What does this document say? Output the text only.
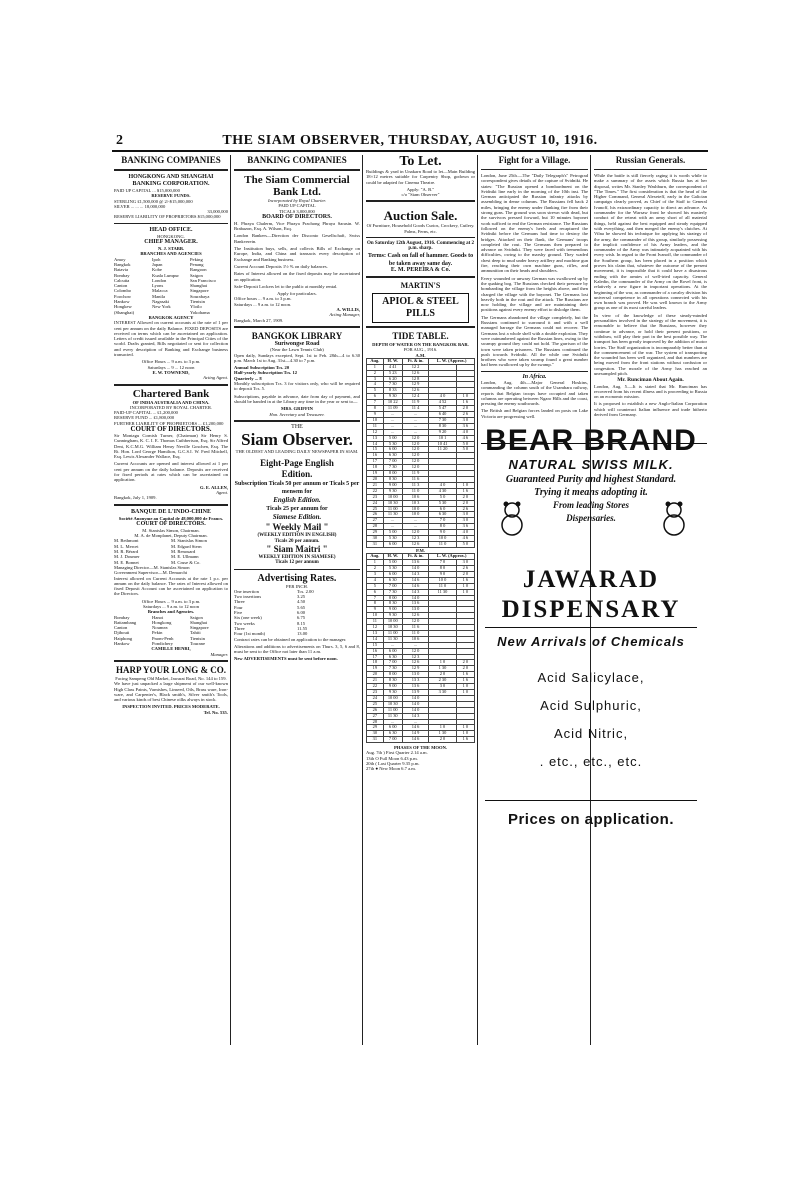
2	THE SIAM OBSERVER, THURSDAY, AUGUST 10, 1916.
BANKING COMPANIES
HONGKONG AND SHANGHAI BANKING CORPORATION.
PAID UP CAPITAL ... $15,000,000
RESERVE FUNDS.
STERLING £1,500,000 @ 2/-$15,000,000
SILVER ... ... ... 18,000,000
33,000,000
RESERVE LIABILITY OF PROPRIETORS $15,000,000
HEAD OFFICE.
HONGKONG.
CHIEF MANAGER.
N. J. STABB.
BRANCHES AND AGENCIES
Amoy	Ipoh	Peking
Bangkok	Japan	Penang
Batavia	Kobe	Rangoon
Bombay	Kuala Lumpur	Saigon
Calcutta	London	San Francisco
Canton	Lyons	Shanghai
Colombo	Malacca	Singapore
Foochow	Manila	Sourabaya
Hankow	Nagasaki	Tientsin
Hongkew	New York	Yloilo
(Shanghai)	Yokohama
BANGKOK AGENCY

INTEREST Allowed on current accounts at the rate of 1 per cent per annum on the daily Balance. FIXED DEPOSITS are received on terms which can be ascertained on application. Letters of credit issued available in the Principal Cities of the world. Drafts granted, Bills negotiated or sent for collection and every description of Banking and Exchange business transacted.

Office Hours ... 9 a.m. to 3 p.m.
Saturdays ... 9 ... 12 noon
E. W. TOWNEND,
Acting Agent.
Chartered Bank
OF INDIA AUSTRALIA AND CHINA.
INCORPORATED BY ROYAL CHARTER.
PAID-UP CAPITAL ... £1,200,000
RESERVE FUND ... £1,800,000
FURTHER LIABILITY OF PROPRIETORS ... £1,200,000
COURT OF DIRECTORS.

Sir Montagu Cornish Turner, (Chairman) Sir Henry S. Cunningham, K. C. I. E. Thomas Cuthbertson, Esq. Sir Alfred Dent, K.C.M.G. William Henry Neville Goschen, Esq. The Rt. Hon. Lord George Hamilton, G.C.S.I. W. Fred Mitchell, Esq. Lewis Alexander Wallace, Esq.

Current Accounts are opened and interest allowed at 1 per cent per annum on the daily balance. Deposits are received for fixed periods at rates which can be ascertained on application.

G. E. ALLEN,
Agent.
Bangkok, July 1, 1909.
BANQUE DE L'INDO-CHINE
Société Anonyme au Capital de 48,000,000 de Francs.
COURT OF DIRECTORS.
M. Stanislas Simon, Chairman.
M. A. de Monplanet, Deputy Chairman.
M. Bethmont	M. Stanislas Simon
M. L. Mercet	M. Edgard Stern
M. R. Bérard	M. Renouard
M. J. Doumer	M. E. Ullmann
M. E. Bonnet	M. Cruse & Co.
Managing Director—M. Stanislas Simon
Government Supervisor—M. Demarchi

Interest allowed on Current Accounts at the rate 1 p.c. per annum on the daily balance. The rates of Interest allowed on fixed Deposit Account can be ascertained on application to the Directors.

Office Hours ... 9 a.m. to 3 p.m.
Saturdays ... 9 a.m. to 12 noon
Branches and Agencies.
Bombay	Hanoi	Saigon
Battambang	Hongkong	Shanghai
Canton	Noumea	Singapore
Djibouti	Pekin	Tahiti
Haiphong	Pnom-Penh	Tientsin
Hankow	Pondichery	Tourane
CAMILLE HENRI,
Manager.
HARP YOUR LONG & CO.
Facing Sampeng Old Market, Jawarat Road, No. 144 to 159.

We have just unpacked a large shipment of our well-known High Class Paints, Varnishes, Linseed, Oils, Brass ware, Iron-ware, and Carpenter's, Black smith's, Silver smith's Tools, and various kinds of best Chinese oilks always in stock.

INSPECTION INVITED. PRICES MODERATE.
Tel. No. 535.
BANKING COMPANIES
The Siam Commercial Bank Ltd.
Incorporated by Royal Charter.
PAID UP CAPITAL
TICALS 3,000,000
BOARD OF DIRECTORS.

H. Phraya Chalerm, Vice Phraya Prachong Phraya Sarasin. W. Brabazon, Esq. A. Wilson, Esq.

London Bankers—Direction der Disconto Gesellschaft, Swiss Bankverein.

The Institution buys, sells, and collects Bills of Exchange on Europe, India, and China and transacts every description of Exchange and Banking business.

Current Account Deposits 1½ % on daily balances.

Rates of Interest allowed on the fixed deposits may be ascertained on application.

Safe-Deposit Lockers let to the public at monthly rental.

Apply for particulars.
Office hours ... 9 a.m. to 3 p.m.
Saturdays ... 9 a.m. to 12 noon.
A. WILLIS,
Acting Manager,
Bangkok, March 27, 1909.
BANGKOK LIBRARY
Suriwongse Road
(Near the Lawn Tennis Club)

Open daily, Sundays excepted, Sept. 1st to Feb. 28th—4 to 6.30 p.m. March 1st to Aug. 31st—4.30 to 7 p.m.

Annual Subscription Tcs. 20
Half-yearly Subscription Tcs. 12
Quarterly ... 8

Monthly subscription Tcs. 3 for visitors only, who will be required to deposit Tcs. 5.

Subscriptions, payable in advance, date from day of payment, and should be handed in at the Library any time in the year or sent to—

MRS. GRIFFIN
Hon. Secretary and Treasurer.
THE
Siam Observer.
THE OLDEST AND LEADING DAILY NEWSPAPER IN SIAM.
Eight-Page English
Edition.
Subscription Ticals 50 per annum or Ticals 5 per mensem for
English Edition.
Ticals 25 per annum for
Siamese Edition.
" Weekly Mail "
(WEEKLY EDITION IN ENGLISH)
Ticals 20 per annum.
" Siam Maitri "
WEEKLY EDITION IN SIAMESE)
Ticals 12 per annum
Advertising Rates.
PER INCH.
One insertion	Tcs. 2.00
Two insertions	3.25
Three	4.50
Four	5.65
Five	6.00
Six (one week)	6.75
Two weeks	8.15
Three	11.55
Four (1st month)	13.00

Contract rates can be obtained on application to the manager.

Alterations and additions to advertisements on Thurs. 3, 5, 6 and 8, must be sent to the Office not later than 11 a.m.

New ADVERTISEMENTS must be sent before noon.

To Let.

Buildings & yard in Unakarn Road to let—Main Building 18×12 metres suitable for Carpentry Shop, godown or could be adapted for Cinema Theatre.

Apply: "A. B."
c/o "Siam Observer"
Auction Sale.
Of Furniture, Household Goods Curios, Crockery, Cutlery. Palms, Ferns, etc.
On Saturday 12th August, 1916. Commencing at 2 p.m. sharp.
Terms: Cash on fall of hammer. Goods to be taken away same day.
E. M. PEREIRA & Co.
MARTIN'S
APIOL & STEEL PILLS
TIDE TABLE.
DEPTH OF WATER ON THE BANGKOK BAR.
FOR AUG., 1916.
A.M.
Aug.	H. W.	Ft. & in.	L. W. (Approx.)	
1	4 41	12 2		
2	5 23	12 6		
3	6 20	12 8		
4	7 30	12 9		
5	8 33	12 6		
6	9 30	12 4	4 0	1 0
7	10 22	11 9	4 52	1 6
8	11 09	11 4	5 47	2 0
9	...	...	6 40	2 6
10	...	...	7 30	3 0
11	...	...	8 30	3 6
12	...	...	9 20	4 0
13	5 00	12 0	10 1	4 6
14	5 30	12 0	10 41	5 0
15	6 00	12 0	11 20	5 0
16	6 30	12 0		
17	7 00	12 0		
18	7 30	12 0		
19	8 00	11 9		
20	8 30	11 6		
21	9 00	11 3	4 0	1 0
22	9 30	11 0	4 30	1 6
23	10 00	10 6	5 0	2 0
24	10 30	10 3	5 30	2 0
25	11 00	10 0	6 0	2 6
26	11 30	10 0	6 30	3 0
27	...	...	7 0	3 0
28	...	...	8 0	3 6
29	5 00	12 0	9 0	4 0
30	5 30	12 3	10 0	4 6
31	6 00	12 6	11 0	5 0
P.M.
Aug.	H. W.	Ft. & in.	L. W. (Approx.)	
1	5 00	13 6	7 0	3 0
2	5 30	14 0	8 0	2 6
3	6 00	14 3	9 0	2 0
4	6 30	14 6	10 0	1 6
5	7 00	14 6	11 0	1 0
6	7 30	14 3	11 30	1 0
7	8 00	14 0		
8	8 30	13 6		
9	9 00	13 0		
10	9 30	12 6		
11	10 00	12 0		
12	10 30	11 6		
13	11 00	11 0		
14	11 30	10 6		
15	...	...		
16	6 00	12 0		
17	6 30	12 3		
18	7 00	12 6	1 0	2 0
19	7 30	12 9	1 30	2 0
20	8 00	13 0	2 0	1 6
21	8 30	13 3	2 30	1 6
22	9 00	13 6	3 0	1 0
23	9 30	13 9	3 30	1 0
24	10 00	14 0		
25	10 30	14 0		
26	11 00	14 0		
27	11 30	14 3		
28	...	...		
29	6 00	14 6	1 0	1 0
30	6 30	14 9	1 30	1 0
31	7 00	14 6	2 0	1 6
PHASES OF THE MOON.
Aug. 7th ) First Quarter 2.14 a.m.
13th O Full Moon 6.43 p.m.
20th ( Last Quarter 9.35 p.m.
27th ● New Moon 6.7 a.m.
Fight for a Village.

London, June 25th.—The "Daily Telegraph's" Petrograd correspondent gives details of the capture of Svidniki. He states: "The Russian opened a bombardment on the Svidniki line early in the morning of the 10th inst. The German anticipated the Russian infantry attacks by assembling in dense columns. The Russians fell back 2 miles, bringing the enemy under flanking fire from their strong guns. The ground was soon strewn with dead, but the survivors pressed forward, but 10 minutes bayonet work sufficed to end the German resistance. The Russians followed on the enemy's heels and recaptured the Svidniki before the Germans had time to destroy the bridges. Attacked on their flank, the Germans' troops completed the rout. The Germans then prepared to advance on Svidniki. They were faced with tremendous difficulties, owing to the marshy ground. They waded chest deep to mud under heavy artillery and machine gun fire, reaching their own machine guns, rifles, and ammunition on their heads and shoulders.

Every wounded or unwary German was swallowed up by the quaking bog. The Russians checked their pressure by bombarding the village from the heights above, and then charged the village with the bayonet. The Germans lost heavily both in the rout and the attack. The Russians are now holding the village and are maintaining their positions against every enemy effort to dislodge them.

The Germans abandoned the village completely, but the Russians continued to surround it and with a well managed barrage the Germans could not recover. The Germans lost a whole shell with a double explosion. They were outnumbered against the Russian lines, owing to the swampy ground they could not hold. The garrison of the town were taken prisoners. The Russians continued the push towards Svidniki. All the while one Svidniki brothers who were taken swamp found a great number had been swallowed up by the swamp."

In Africa.

London, Aug. 4th.—Major General Hoskins, commanding the column south of the Usambara railway, reports that Belgian troops have occupied and taken columns are operating between Ngaro Hills and the coast, pressing the enemy southwards.

The British and Belgian forces landed on posts on Lake Victoria are progressing well.

Russian Generals.

While the battle is still fiercely raging it is worth while to make a summary of the assets which Russia has at her disposal, writes Mr. Stanley Washburn, the correspondent of "The Times." The first consideration is that the head of the Higher Command, General Alexeieff, early in the Galician campaign clearly proved, as Chief of the Staff to General Ivanoff, his extraordinary capacity to direct an advance. As commander for the Warsaw front he showed his masterly conduct of the retreat with an army short of all material things, held against the best equipped and steady equipped with everything, and then merged the enemy's clutches. At Vilna he showed his technique for applying his strategy of the army, the commander of this group, similarly possessing the implicit confidence of his Army leaders, and the commander of the Army was intimately acquainted with his every wish. In regard to the Front Ivanoff, the commander of the Southern group, has been placed in a position which proves his claim that, whatever the outcome of the present movement, it is impossible that it could have a disastrous ending with the armies of well-tried capacity. General Kaledin, the commander of the Army on the Rovel front, is relatively a new figure in important operations. At the beginning of the war, as commander of a cavalry division his universal competence in all operations connected with his own branch was proved. He was well known to the Army group as one of its most careful leaders.

In view of the knowledge of these steady-minded personalities involved in the strategy of the movement, it is reasonable to believe that the Russians, however they continue to advance, or hold their present positions, or withdraw, will play their part in the best possible way. The transport has been greatly improved by the addition of motor lorries. The Staff organization is incomparably better than at the commencement of the war. The system of transporting the wounded has been well organized, and that numbers are being moved from the front stations without confusion or congestion. The morale of the Army has reached an unexampled pitch.

Mr. Runciman About Again.

London, Aug. 5.—It is stated that Mr. Runciman has recovered from his recent illness and is proceeding to Russia on an economic mission.

It is proposed to establish a new Anglo-Italian Corporation which will counteract Italian influence and trade hitherto derived from Germany.

BEAR BRAND
NATURAL SWISS MILK.
Guaranteed Purity and highest Standard.
Trying it means adopting it.
From leading Stores
Dispensaries.
JAWARAD DISPENSARY
New Arrivals of Chemicals
Acid Salicylace,
Acid Sulphuric,
Acid Nitric,
. etc., etc., etc.
Prices on application.
